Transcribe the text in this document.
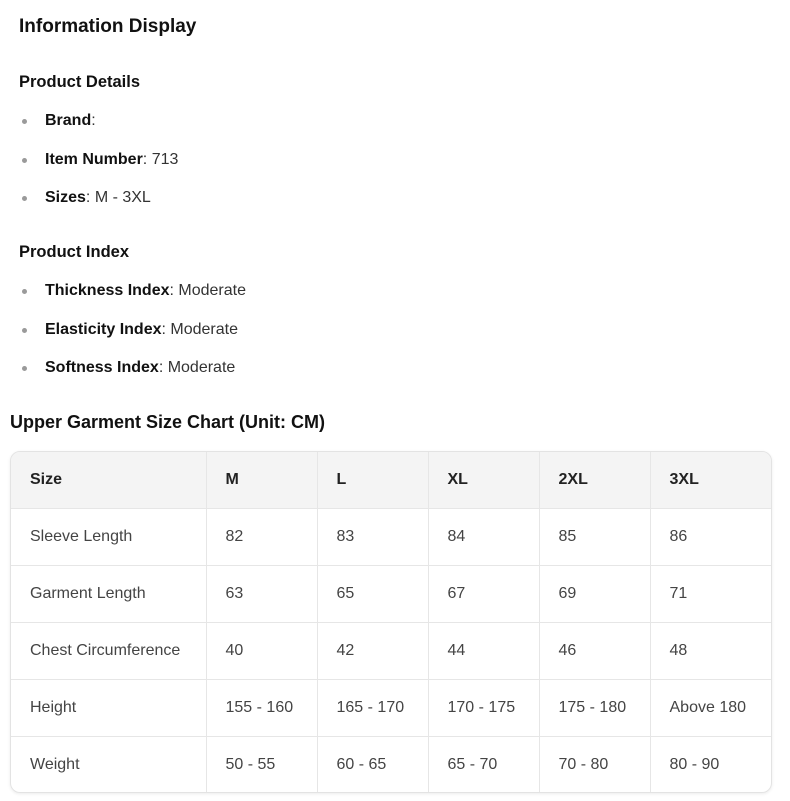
Information Display
Product Details
Brand:
Item Number: 713
Sizes: M - 3XL
Product Index
Thickness Index: Moderate
Elasticity Index: Moderate
Softness Index: Moderate
Upper Garment Size Chart (Unit: CM)
Size	M	L	XL	2XL	3XL
Sleeve Length	82	83	84	85	86
Garment Length	63	65	67	69	71
Chest Circumference	40	42	44	46	48
Height	155 - 160	165 - 170	170 - 175	175 - 180	Above 180
Weight	50 - 55	60 - 65	65 - 70	70 - 80	80 - 90
